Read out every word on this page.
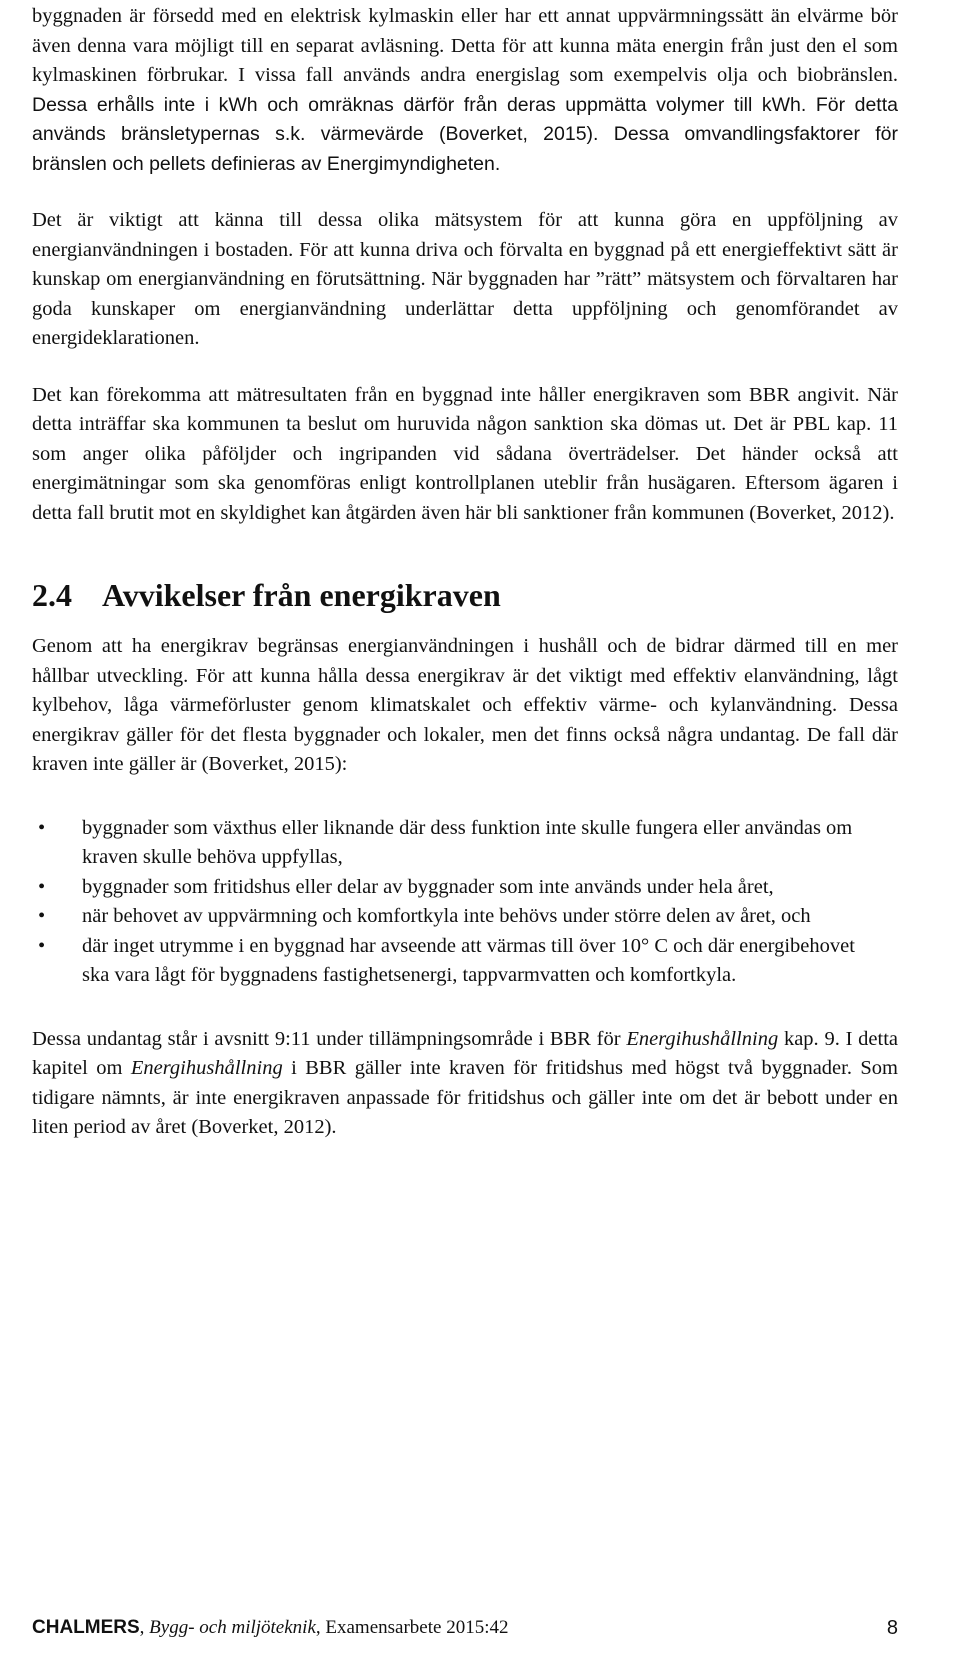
byggnaden är försedd med en elektrisk kylmaskin eller har ett annat uppvärmningssätt än elvärme bör även denna vara möjligt till en separat avläsning. Detta för att kunna mäta energin från just den el som kylmaskinen förbrukar. I vissa fall används andra energislag som exempelvis olja och biobränslen. Dessa erhålls inte i kWh och omräknas därför från deras uppmätta volymer till kWh. För detta används bränsletypernas s.k. värmevärde (Boverket, 2015). Dessa omvandlingsfaktorer för bränslen och pellets definieras av Energimyndigheten.

Det är viktigt att känna till dessa olika mätsystem för att kunna göra en uppföljning av energianvändningen i bostaden. För att kunna driva och förvalta en byggnad på ett energieffektivt sätt är kunskap om energianvändning en förutsättning. När byggnaden har ”rätt” mätsystem och förvaltaren har goda kunskaper om energianvändning underlättar detta uppföljning och genomförandet av energideklarationen.

Det kan förekomma att mätresultaten från en byggnad inte håller energikraven som BBR angivit. När detta inträffar ska kommunen ta beslut om huruvida någon sanktion ska dömas ut. Det är PBL kap. 11 som anger olika påföljder och ingripanden vid sådana överträdelser. Det händer också att energimätningar som ska genomföras enligt kontrollplanen uteblir från husägaren. Eftersom ägaren i detta fall brutit mot en skyldighet kan åtgärden även här bli sanktioner från kommunen (Boverket, 2012).

2.4 Avvikelser från energikraven

Genom att ha energikrav begränsas energianvändningen i hushåll och de bidrar därmed till en mer hållbar utveckling. För att kunna hålla dessa energikrav är det viktigt med effektiv elanvändning, lågt kylbehov, låga värmeförluster genom klimatskalet och effektiv värme- och kylanvändning. Dessa energikrav gäller för det flesta byggnader och lokaler, men det finns också några undantag. De fall där kraven inte gäller är (Boverket, 2015):

• byggnader som växthus eller liknande där dess funktion inte skulle fungera eller användas om kraven skulle behöva uppfyllas,
• byggnader som fritidshus eller delar av byggnader som inte används under hela året,
• när behovet av uppvärmning och komfortkyla inte behövs under större delen av året, och
• där inget utrymme i en byggnad har avseende att värmas till över 10° C och där energibehovet ska vara lågt för byggnadens fastighetsenergi, tappvarmvatten och komfortkyla.

Dessa undantag står i avsnitt 9:11 under tillämpningsområde i BBR för Energihushållning kap. 9. I detta kapitel om Energihushållning i BBR gäller inte kraven för fritidshus med högst två byggnader. Som tidigare nämnts, är inte energikraven anpassade för fritidshus och gäller inte om det är bebott under en liten period av året (Boverket, 2012).

CHALMERS, Bygg- och miljöteknik, Examensarbete 2015:42	8
